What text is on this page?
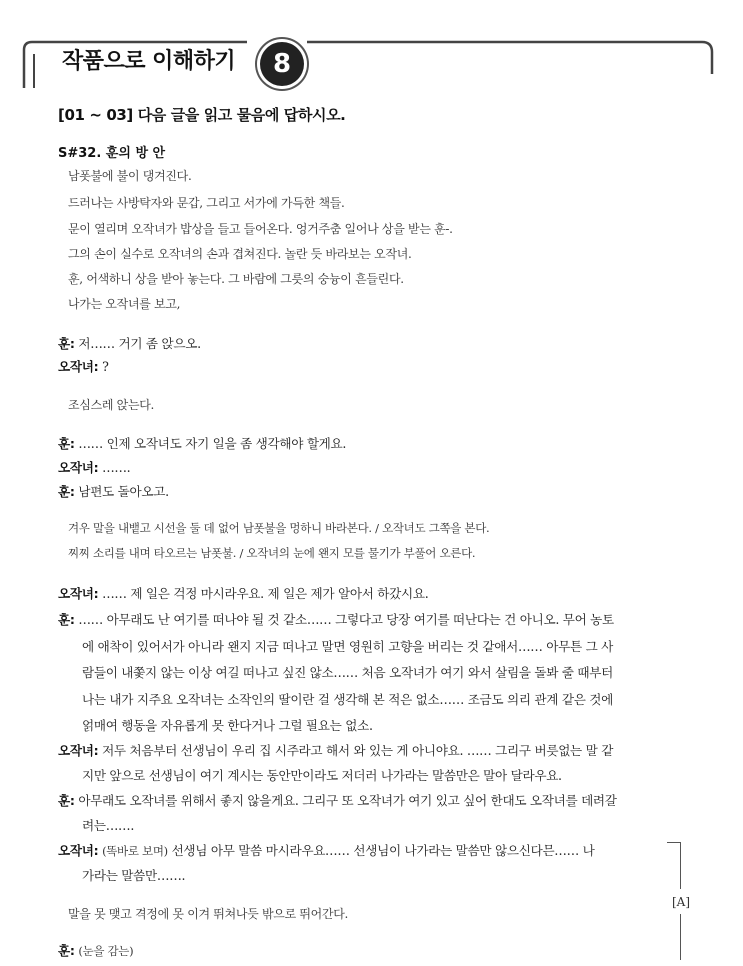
작품으로 이해하기	8
[01 ~ 03] 다음 글을 읽고 물음에 답하시오.
S#32. 훈의 방 안
남폿불에 불이 댕겨진다.
드러나는 사방탁자와 문갑, 그리고 서가에 가득한 책들.
문이 열리며 오작녀가 밥상을 들고 들어온다. 엉거주춤 일어나 상을 받는 훈-.
그의 손이 실수로 오작녀의 손과 겹쳐진다. 놀란 듯 바라보는 오작녀.
훈, 어색하니 상을 받아 놓는다. 그 바람에 그릇의 숭늉이 흔들린다.
나가는 오작녀를 보고,
훈: 저…… 거기 좀 앉으오.
오작녀: ?
조심스레 앉는다.
훈: …… 인제 오작녀도 자기 일을 좀 생각해야 할게요.
오작녀: …….
훈: 남편도 돌아오고.
겨우 말을 내뱉고 시선을 둘 데 없어 남폿불을 멍하니 바라본다. / 오작녀도 그쪽을 본다.
찌찌 소리를 내며 타오르는 남폿불. / 오작녀의 눈에 왠지 모를 물기가 부풀어 오른다.
오작녀: …… 제 일은 걱정 마시라우요. 제 일은 제가 알아서 하갔시요.
훈: …… 아무래도 난 여기를 떠나야 될 것 같소…… 그렇다고 당장 여기를 떠난다는 건 아니오. 무어 농토
에 애착이 있어서가 아니라 왠지 지금 떠나고 말면 영원히 고향을 버리는 것 같애서…… 아무튼 그 사
람들이 내쫓지 않는 이상 여길 떠나고 싶진 않소…… 처음 오작녀가 여기 와서 살림을 돌봐 줄 때부터
나는 내가 지주요 오작녀는 소작인의 딸이란 걸 생각해 본 적은 없소…… 조금도 의리 관계 같은 것에
얽매여 행동을 자유롭게 못 한다거나 그럴 필요는 없소.
오작녀: 저두 처음부터 선생님이 우리 집 시주라고 해서 와 있는 게 아니야요. …… 그리구 버릇없는 말 같
지만 앞으로 선생님이 여기 계시는 동안만이라도 저더러 나가라는 말씀만은 말아 달라우요.
훈: 아무래도 오작녀를 위해서 좋지 않을게요. 그리구 또 오작녀가 여기 있고 싶어 한대도 오작녀를 데려갈
려는…….
오작녀: (똑바로 보며) 선생님 아무 말씀 마시라우요…… 선생님이 나가라는 말씀만 않으신다믄…… 나
가라는 말씀만…….
말을 못 맺고 격정에 못 이겨 뛰쳐나듯 밖으로 뛰어간다.
훈: (눈을 감는)
[A]
